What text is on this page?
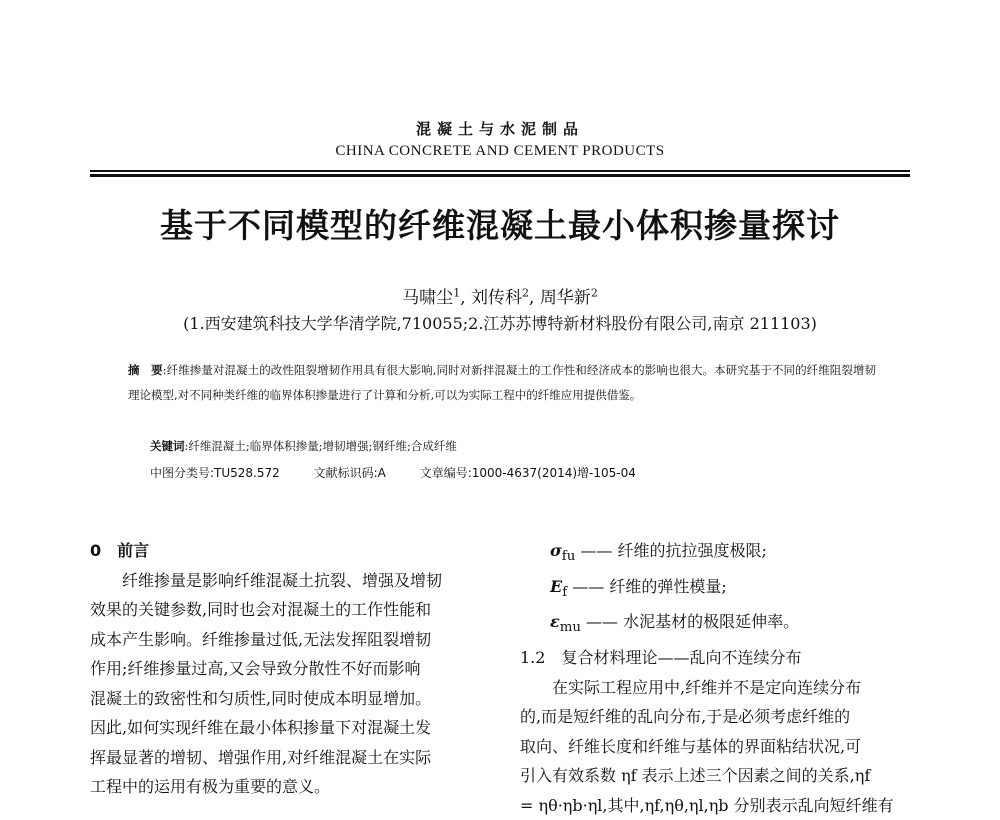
混凝土与水泥制品
CHINA CONCRETE AND CEMENT PRODUCTS
基于不同模型的纤维混凝土最小体积掺量探讨
马啸尘$^1$, 刘传科$^2$, 周华新$^2$
(1.西安建筑科技大学华清学院,710055;2.江苏苏博特新材料股份有限公司,南京 211103)
摘　要:纤维掺量对混凝土的改性阻裂增韧作用具有很大影响,同时对新拌混凝土的工作性和经济成本的影响也很大。本研究基于不同的纤维阻裂增韧理论模型,对不同种类纤维的临界体积掺量进行了计算和分析,可以为实际工程中的纤维应用提供借鉴。
关键词:纤维混凝土;临界体积掺量;增韧增强;钢纤维;合成纤维
中图分类号:TU528.572	文献标识码:A	文章编号:1000-4637(2014)增-105-04

0　前言

纤维掺量是影响纤维混凝土抗裂、增强及增韧

效果的关键参数,同时也会对混凝土的工作性能和

成本产生影响。纤维掺量过低,无法发挥阻裂增韧

作用;纤维掺量过高,又会导致分散性不好而影响

混凝土的致密性和匀质性,同时使成本明显增加。

因此,如何实现纤维在最小体积掺量下对混凝土发

挥最显著的增韧、增强作用,对纤维混凝土在实际

工程中的运用有极为重要的意义。

$\sigma_{fu}$ —— 纤维的抗拉强度极限;

$E_f$ —— 纤维的弹性模量;

$\varepsilon_{mu}$ —— 水泥基材的极限延伸率。

1.2　复合材料理论——乱向不连续分布

在实际工程应用中,纤维并不是定向连续分布

的,而是短纤维的乱向分布,于是必须考虑纤维的

取向、纤维长度和纤维与基体的界面粘结状况,可

引入有效系数 ηf 表示上述三个因素之间的关系,ηf

= ηθ·ηb·ηl,其中,ηf,ηθ,ηl,ηb 分别表示乱向短纤维有
